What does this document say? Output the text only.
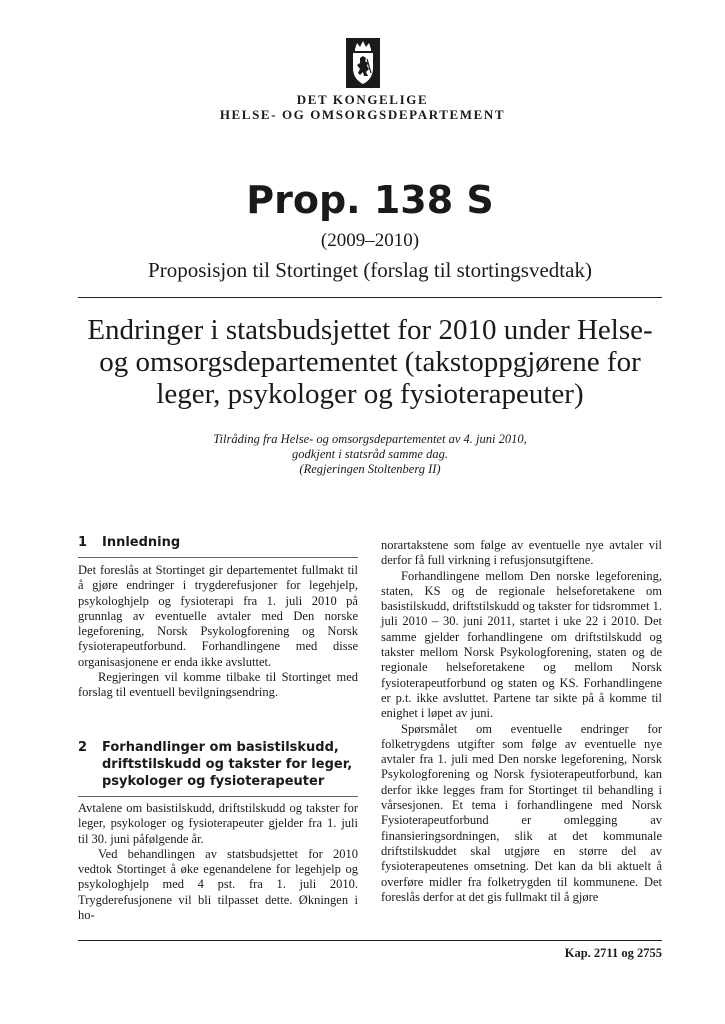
DET KONGELIGE
HELSE- OG OMSORGSDEPARTEMENT
Prop. 138 S
(2009–2010)
Proposisjon til Stortinget (forslag til stortingsvedtak)
Endringer i statsbudsjettet for 2010 under Helse- og omsorgsdepartementet (takstoppgjørene for leger, psykologer og fysioterapeuter)
Tilråding fra Helse- og omsorgsdepartementet av 4. juni 2010,
godkjent i statsråd samme dag.
(Regjeringen Stoltenberg II)
1 Innledning

Det foreslås at Stortinget gir departementet fullmakt til å gjøre endringer i trygderefusjoner for legehjelp, psykologhjelp og fysioterapi fra 1. juli 2010 på grunnlag av eventuelle avtaler med Den norske legeforening, Norsk Psykologforening og Norsk fysioterapeutforbund. Forhandlingene med disse organisasjonene er enda ikke avsluttet.

Regjeringen vil komme tilbake til Stortinget med forslag til eventuell bevilgningsendring.

2 Forhandlinger om basistilskudd, driftstilskudd og takster for leger, psykologer og fysioterapeuter

Avtalene om basistilskudd, driftstilskudd og takster for leger, psykologer og fysioterapeuter gjelder fra 1. juli til 30. juni påfølgende år.

Ved behandlingen av statsbudsjettet for 2010 vedtok Stortinget å øke egenandelene for legehjelp og psykologhjelp med 4 pst. fra 1. juli 2010. Trygderefusjonene vil bli tilpasset dette. Økningen i ho-

norartakstene som følge av eventuelle nye avtaler vil derfor få full virkning i refusjonsutgiftene.

Forhandlingene mellom Den norske legeforening, staten, KS og de regionale helseforetakene om basistilskudd, driftstilskudd og takster for tidsrommet 1. juli 2010 – 30. juni 2011, startet i uke 22 i 2010. Det samme gjelder forhandlingene om driftstilskudd og takster mellom Norsk Psykologforening, staten og de regionale helseforetakene og mellom Norsk fysioterapeutforbund og staten og KS. Forhandlingene er p.t. ikke avsluttet. Partene tar sikte på å komme til enighet i løpet av juni.

Spørsmålet om eventuelle endringer for folketrygdens utgifter som følge av eventuelle nye avtaler fra 1. juli med Den norske legeforening, Norsk Psykologforening og Norsk fysioterapeutforbund, kan derfor ikke legges fram for Stortinget til behandling i vårsesjonen. Et tema i forhandlingene med Norsk Fysioterapeutforbund er omlegging av finansieringsordningen, slik at det kommunale driftstilskuddet skal utgjøre en større del av fysioterapeutenes omsetning. Det kan da bli aktuelt å overføre midler fra folketrygden til kommunene. Det foreslås derfor at det gis fullmakt til å gjøre

Kap. 2711 og 2755
